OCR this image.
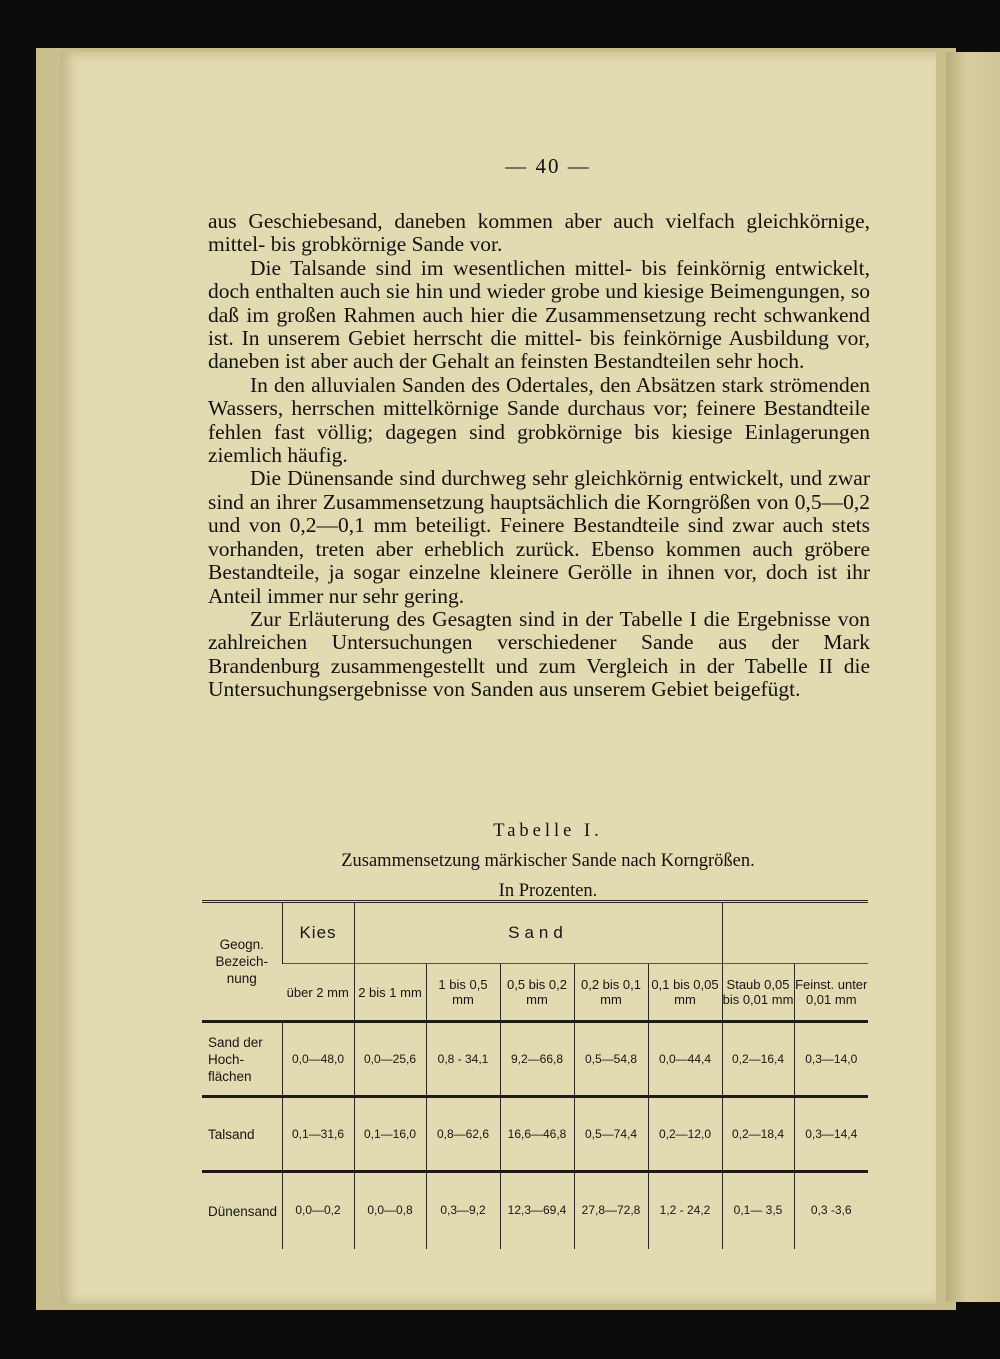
— 40 —

aus Geschiebesand, daneben kommen aber auch vielfach gleichkörnige, mittel- bis grobkörnige Sande vor.

Die Talsande sind im wesentlichen mittel- bis feinkörnig entwickelt, doch enthalten auch sie hin und wieder grobe und kiesige Beimengungen, so daß im großen Rahmen auch hier die Zusammensetzung recht schwankend ist. In unserem Gebiet herrscht die mittel- bis feinkörnige Ausbildung vor, daneben ist aber auch der Gehalt an feinsten Bestandteilen sehr hoch.

In den alluvialen Sanden des Odertales, den Absätzen stark strömenden Wassers, herrschen mittelkörnige Sande durchaus vor; feinere Bestandteile fehlen fast völlig; dagegen sind grobkörnige bis kiesige Einlagerungen ziemlich häufig.

Die Dünensande sind durchweg sehr gleichkörnig entwickelt, und zwar sind an ihrer Zusammensetzung hauptsächlich die Korngrößen von 0,5—0,2 und von 0,2—0,1 mm beteiligt. Feinere Bestandteile sind zwar auch stets vorhanden, treten aber erheblich zurück. Ebenso kommen auch gröbere Bestandteile, ja sogar einzelne kleinere Gerölle in ihnen vor, doch ist ihr Anteil immer nur sehr gering.

Zur Erläuterung des Gesagten sind in der Tabelle I die Ergebnisse von zahlreichen Untersuchungen verschiedener Sande aus der Mark Brandenburg zusammengestellt und zum Vergleich in der Tabelle II die Untersuchungsergebnisse von Sanden aus unserem Gebiet beigefügt.

Tabelle I.
Zusammensetzung märkischer Sande nach Korngrößen.
In Prozenten.
Geogn. Bezeich- nung	Kies	Sand						
	über 2 mm	2 bis 1 mm	1 bis 0,5 mm	0,5 bis 0,2 mm	0,2 bis 0,1 mm	0,1 bis 0,05 mm	Staub 0,05 bis 0,01 mm	Feinst. unter 0,01 mm
Sand der Hoch- flächen	0,0—48,0	0,0—25,6	0,8 - 34,1	9,2—66,8	0,5—54,8	0,0—44,4	0,2—16,4	0,3—14,0
Talsand	0,1—31,6	0,1—16,0	0,8—62,6	16,6—46,8	0,5—74,4	0,2—12,0	0,2—18,4	0,3—14,4
Dünensand	0,0—0,2	0,0—0,8	0,3—9,2	12,3—69,4	27,8—72,8	1,2 - 24,2	0,1— 3,5	0,3 -3,6
